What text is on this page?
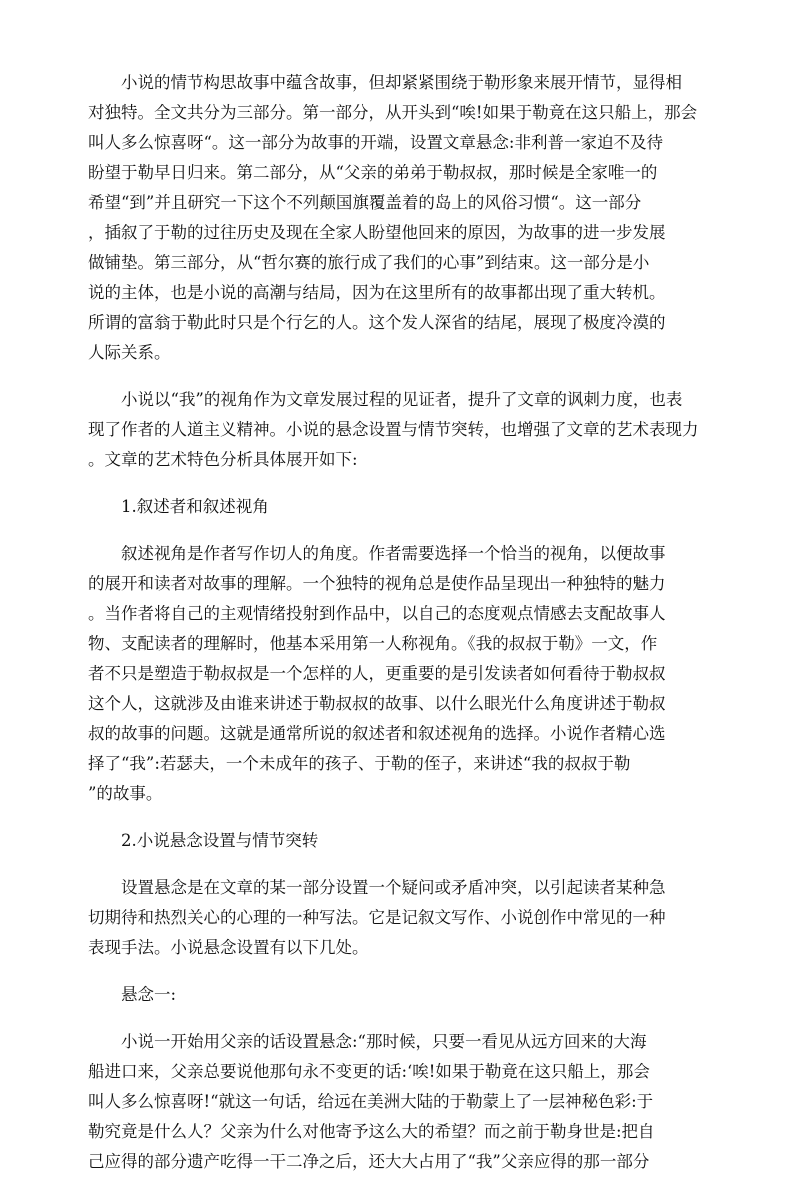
小说的情节构思故事中蕴含故事，但却紧紧围绕于勒形象来展开情节，显得相
对独特。全文共分为三部分。第一部分，从开头到“唉!如果于勒竟在这只船上，那会
叫人多么惊喜呀“。这一部分为故事的开端，设置文章悬念:非利普一家迫不及待
盼望于勒早日归来。第二部分，从“父亲的弟弟于勒叔叔，那时候是全家唯一的
希望“到”并且研究一下这个不列颠国旗覆盖着的岛上的风俗习惯“。这一部分
，插叙了于勒的过往历史及现在全家人盼望他回来的原因，为故事的进一步发展
做铺垫。第三部分，从“哲尔赛的旅行成了我们的心事”到结束。这一部分是小
说的主体，也是小说的高潮与结局，因为在这里所有的故事都出现了重大转机。
所谓的富翁于勒此时只是个行乞的人。这个发人深省的结尾，展现了极度冷漠的
人际关系。
小说以“我”的视角作为文章发展过程的见证者，提升了文章的讽刺力度，也表
现了作者的人道主义精神。小说的悬念设置与情节突转，也增强了文章的艺术表现力
。文章的艺术特色分析具体展开如下:
1.叙述者和叙述视角
叙述视角是作者写作切人的角度。作者需要选择一个恰当的视角，以便故事
的展开和读者对故事的理解。一个独特的视角总是使作品呈现出一种独特的魅力
。当作者将自己的主观情绪投射到作品中，以自己的态度观点情感去支配故事人
物、支配读者的理解时，他基本采用第一人称视角。《我的叔叔于勒》一文，作
者不只是塑造于勒叔叔是一个怎样的人，更重要的是引发读者如何看待于勒叔叔
这个人，这就涉及由谁来讲述于勒叔叔的故事、以什么眼光什么角度讲述于勒叔
叔的故事的问题。这就是通常所说的叙述者和叙述视角的选择。小说作者精心选
择了“我”:若瑟夫，一个未成年的孩子、于勒的侄子，来讲述“我的叔叔于勒
”的故事。
2.小说悬念设置与情节突转
设置悬念是在文章的某一部分设置一个疑问或矛盾冲突，以引起读者某种急
切期待和热烈关心的心理的一种写法。它是记叙文写作、小说创作中常见的一种
表现手法。小说悬念设置有以下几处。
悬念一:
小说一开始用父亲的话设置悬念:“那时候，只要一看见从远方回来的大海
船进口来，父亲总要说他那句永不变更的话:‘唉!如果于勒竟在这只船上，那会
叫人多么惊喜呀!“就这一句话，给远在美洲大陆的于勒蒙上了一层神秘色彩:于
勒究竟是什么人？父亲为什么对他寄予这么大的希望？而之前于勒身世是:把自
己应得的部分遗产吃得一干二净之后，还大大占用了“我”父亲应得的那一部分
